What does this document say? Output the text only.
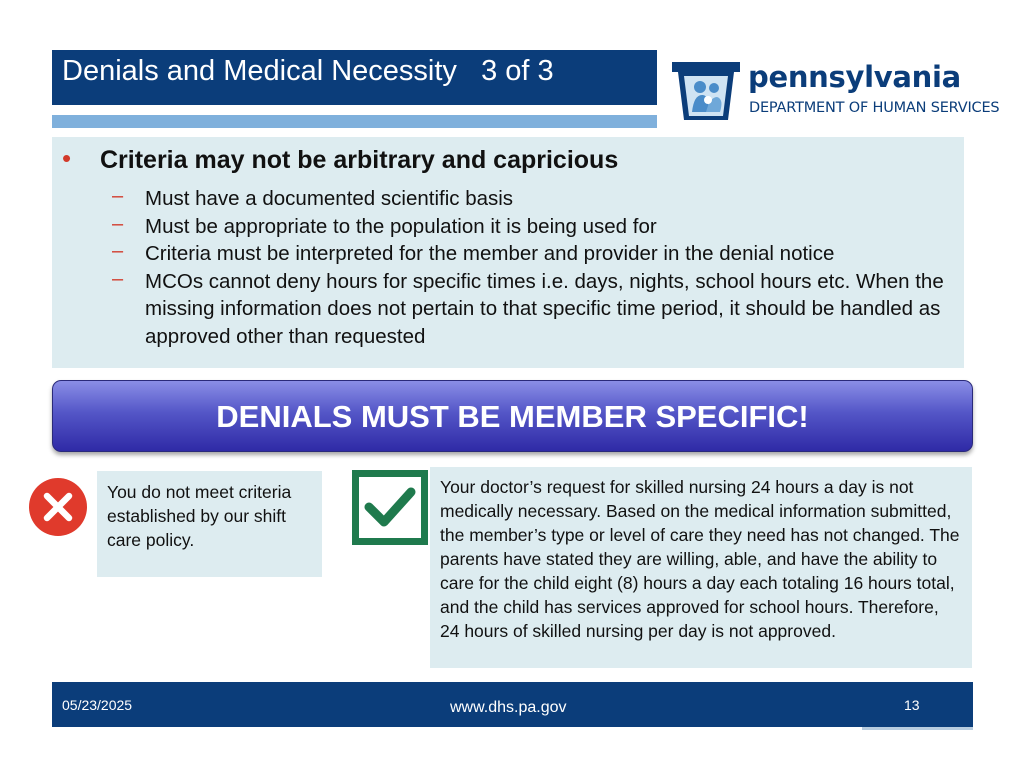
Denials and Medical Necessity   3 of 3	pennsylvania
DEPARTMENT OF HUMAN SERVICES
• Criteria may not be arbitrary and capricious
– Must have a documented scientific basis
– Must be appropriate to the population it is being used for
– Criteria must be interpreted for the member and provider in the denial notice
– MCOs cannot deny hours for specific times i.e. days, nights, school hours etc. When the missing information does not pertain to that specific time period, it should be handled as approved other than requested
DENIALS MUST BE MEMBER SPECIFIC!
You do not meet criteria established by our shift care policy.
Your doctor’s request for skilled nursing 24 hours a day is not medically necessary. Based on the medical information submitted, the member’s type or level of care they need has not changed. The parents have stated they are willing, able, and have the ability to care for the child eight (8) hours a day each totaling 16 hours total, and the child has services approved for school hours. Therefore, 24 hours of skilled nursing per day is not approved.
05/23/2025	www.dhs.pa.gov	13
